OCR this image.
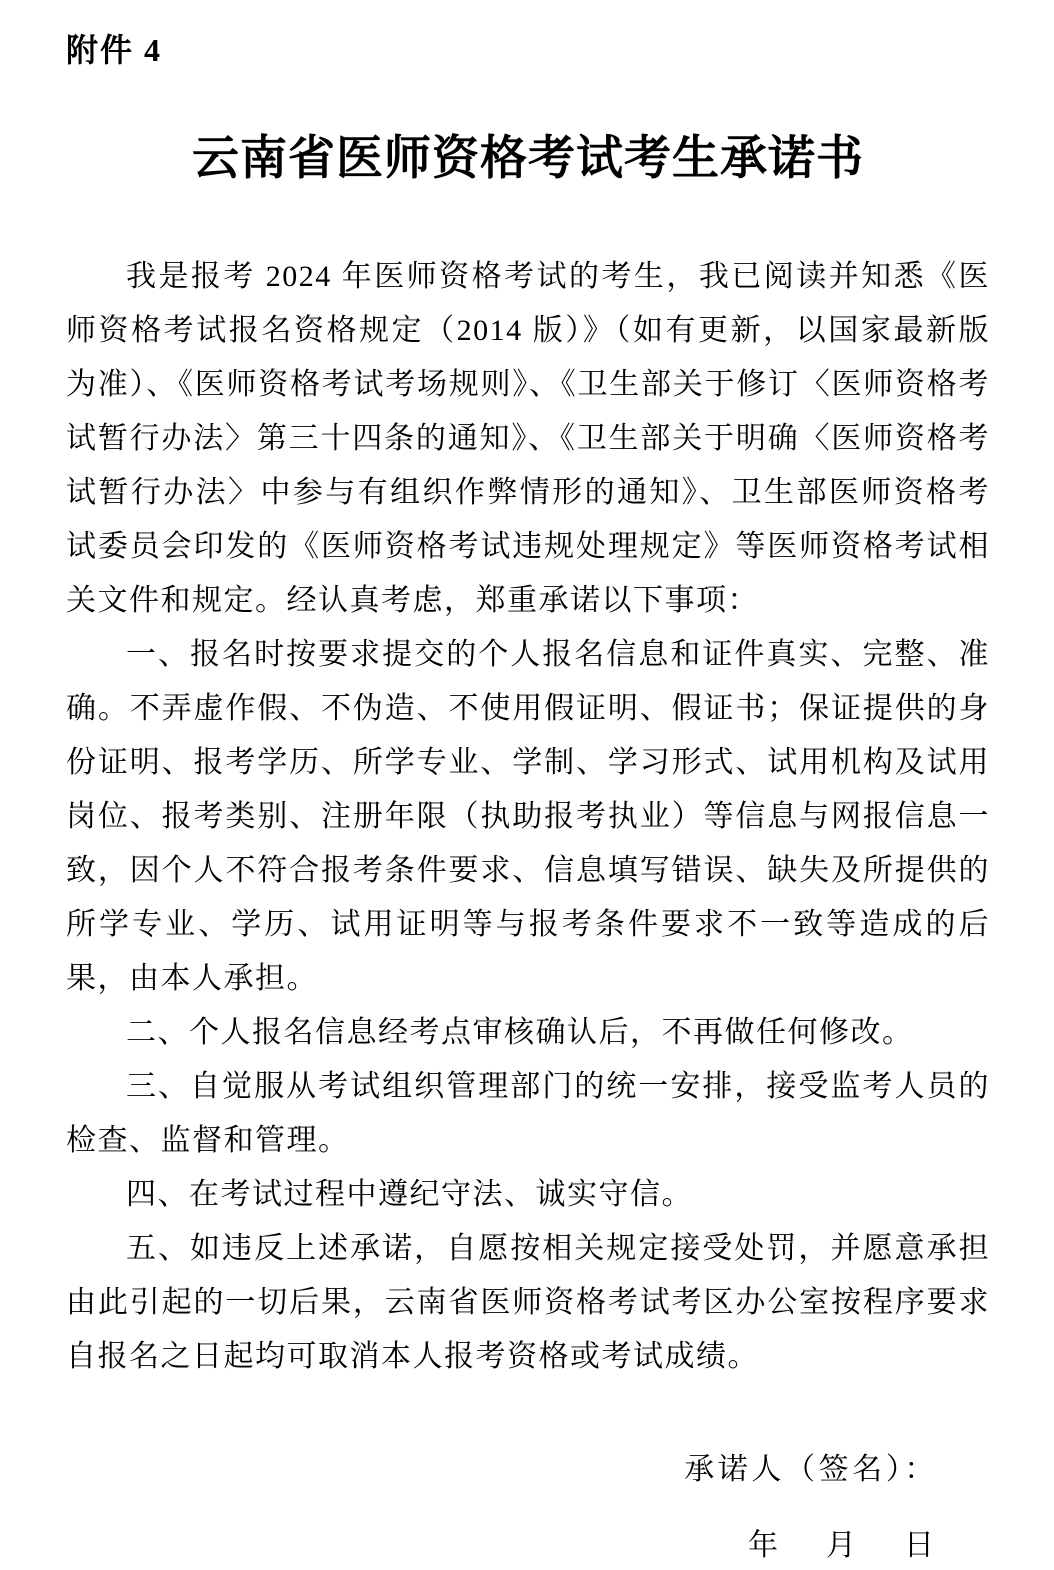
附件 4
云南省医师资格考试考生承诺书

我是报考 2024 年医师资格考试的考生，我已阅读并知悉《医师资格考试报名资格规定（2014 版）》（如有更新，以国家最新版为准）、《医师资格考试考场规则》、《卫生部关于修订〈医师资格考试暂行办法〉第三十四条的通知》、《卫生部关于明确〈医师资格考试暂行办法〉中参与有组织作弊情形的通知》、卫生部医师资格考试委员会印发的《医师资格考试违规处理规定》等医师资格考试相关文件和规定。经认真考虑，郑重承诺以下事项：

一、报名时按要求提交的个人报名信息和证件真实、完整、准确。不弄虚作假、不伪造、不使用假证明、假证书；保证提供的身份证明、报考学历、所学专业、学制、学习形式、试用机构及试用岗位、报考类别、注册年限（执助报考执业）等信息与网报信息一致，因个人不符合报考条件要求、信息填写错误、缺失及所提供的所学专业、学历、试用证明等与报考条件要求不一致等造成的后果，由本人承担。

二、个人报名信息经考点审核确认后，不再做任何修改。

三、自觉服从考试组织管理部门的统一安排，接受监考人员的检查、监督和管理。

四、在考试过程中遵纪守法、诚实守信。

五、如违反上述承诺，自愿按相关规定接受处罚，并愿意承担由此引起的一切后果，云南省医师资格考试考区办公室按程序要求自报名之日起均可取消本人报考资格或考试成绩。

承诺人（签名）：
年 月 日
